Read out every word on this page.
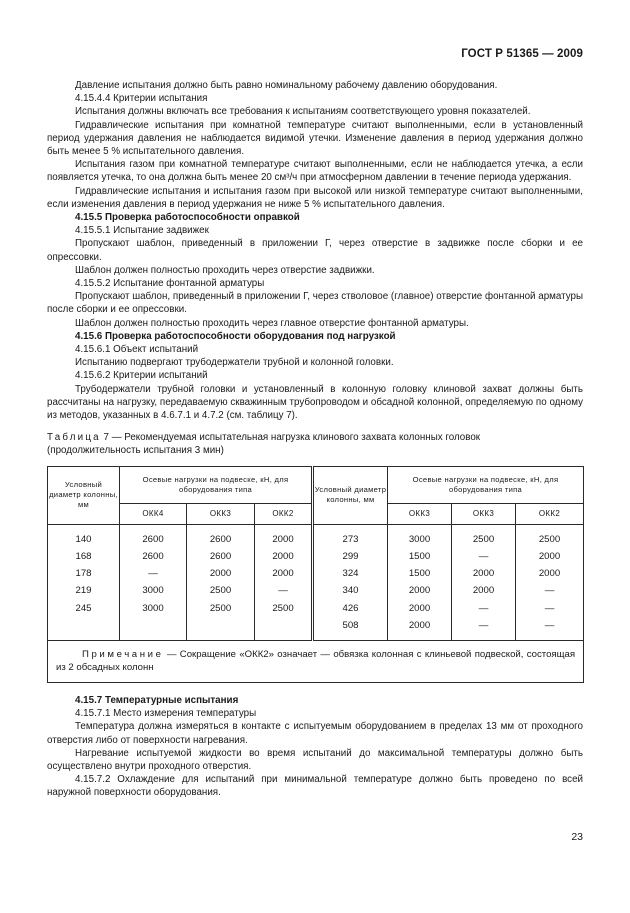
ГОСТ Р 51365 — 2009

Давление испытания должно быть равно номинальному рабочему давлению оборудования.

4.15.4.4 Критерии испытания

Испытания должны включать все требования к испытаниям соответствующего уровня показателей.

Гидравлические испытания при комнатной температуре считают выполненными, если в установленный период удержания давления не наблюдается видимой утечки. Изменение давления в период удержания должно быть менее 5 % испытательного давления.

Испытания газом при комнатной температуре считают выполненными, если не наблюдается утечка, а если появляется утечка, то она должна быть менее 20 см³/ч при атмосферном давлении в течение периода удержания.

Гидравлические испытания и испытания газом при высокой или низкой температуре считают выполненными, если изменения давления в период удержания не ниже 5 % испытательного давления.

4.15.5 Проверка работоспособности оправкой

4.15.5.1 Испытание задвижек

Пропускают шаблон, приведенный в приложении Г, через отверстие в задвижке после сборки и ее опрессовки.

Шаблон должен полностью проходить через отверстие задвижки.

4.15.5.2 Испытание фонтанной арматуры

Пропускают шаблон, приведенный в приложении Г, через стволовое (главное) отверстие фонтанной арматуры после сборки и ее опрессовки.

Шаблон должен полностью проходить через главное отверстие фонтанной арматуры.

4.15.6 Проверка работоспособности оборудования под нагрузкой

4.15.6.1 Объект испытаний

Испытанию подвергают трубодержатели трубной и колонной головки.

4.15.6.2 Критерии испытаний

Трубодержатели трубной головки и установленный в колонную головку клиновой захват должны быть рассчитаны на нагрузку, передаваемую скважинным трубопроводом и обсадной колонной, определяемую по одному из методов, указанных в 4.6.7.1 и 4.7.2 (см. таблицу 7).

Таблица 7 — Рекомендуемая испытательная нагрузка клинового захвата колонных головок
(продолжительность испытания 3 мин)

Условный диаметр колонны, мм	Осевые нагрузки на подвеске, кН, для оборудования типа			Условный диаметр колонны, мм	Осевые нагрузки на подвеске, кН, для оборудования типа		
	ОКК4	ОКК3	ОКК2		ОКК3	ОКК3	ОКК2
140	2600	2600	2000	273	3000	2500	2500
168	2600	2600	2000	299	1500	—	2000
178	—	2000	2000	324	1500	2000	2000
219	3000	2500	—	340	2000	2000	—
245	3000	2500	2500	426	2000	—	—
				508	2000	—	—
Примечание — Сокращение «ОКК2» означает — обвязка колонная с клиньевой подвеской, состоящая из 2 обсадных колонн							

4.15.7 Температурные испытания

4.15.7.1 Место измерения температуры

Температура должна измеряться в контакте с испытуемым оборудованием в пределах 13 мм от проходного отверстия либо от поверхности нагревания.

Нагревание испытуемой жидкости во время испытаний до максимальной температуры должно быть осуществлено внутри проходного отверстия.

4.15.7.2 Охлаждение для испытаний при минимальной температуре должно быть проведено по всей наружной поверхности оборудования.

23
